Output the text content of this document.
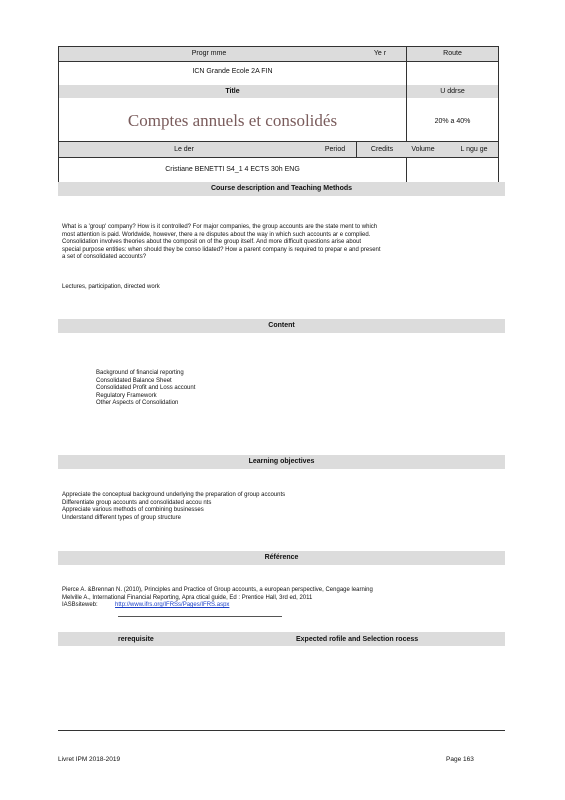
Progr mme	Ye r	Route
ICN Grande Ecole 2A FIN
Title	U ddrse
Comptes annuels et consolidés	20% a 40%
Le der	Period	Credits	Volume	L ngu ge
Cristiane BENETTI S4_1 4 ECTS 30h ENG
Course description and Teaching Methods
What is a 'group' company? How is it controlled? For major companies, the group accounts are the state ment to which
most attention is paid. Worldwide, however, there a re disputes about the way in which such accounts ar e complied.
Consolidation involves theories about the composit on of the group itself. And more difficult questions arise about
special purpose entities: when should they be conso lidated? How a parent company is required to prepar e and present
a set of consolidated accounts?
Lectures, participation, directed work
Content
Background of financial reporting
Consolidated Balance Sheet
Consolidated Profit and Loss account
Regulatory Framework
Other Aspects of Consolidation
Learning objectives
Appreciate the conceptual background underlying the preparation of group accounts
Differentiate group accounts and consolidated accou nts
Appreciate various methods of combining businesses
Understand different types of group structure
Référence
Pierce A. &Brennan N. (2010), Principles and Practice of Group accounts, a european perspective, Cengage learning
Melville A., International Financial Reporting, Apra ctical guide, Ed : Prentice Hall, 3rd ed, 2011
IASBsiteweb:	http://www.ifrs.org/IFRSs/Pages/IFRS.aspx
rerequisite	Expected rofile and Selection rocess
Livret IPM 2018-2019	Page 163
